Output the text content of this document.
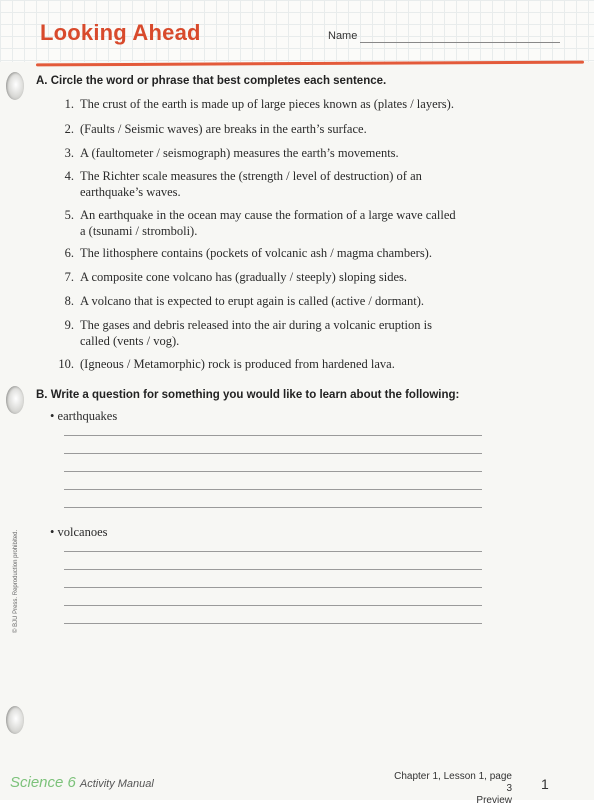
Looking Ahead	Name
A. Circle the word or phrase that best completes each sentence.
1. The crust of the earth is made up of large pieces known as (plates / layers).
2. (Faults / Seismic waves) are breaks in the earth’s surface.
3. A (faultometer / seismograph) measures the earth’s movements.
4. The Richter scale measures the (strength / level of destruction) of an
earthquake’s waves.
5. An earthquake in the ocean may cause the formation of a large wave called
a (tsunami / stromboli).
6. The lithosphere contains (pockets of volcanic ash / magma chambers).
7. A composite cone volcano has (gradually / steeply) sloping sides.
8. A volcano that is expected to erupt again is called (active / dormant).
9. The gases and debris released into the air during a volcanic eruption is
called (vents / vog).
10. (Igneous / Metamorphic) rock is produced from hardened lava.
B. Write a question for something you would like to learn about the following:
• earthquakes
• volcanoes
© BJU Press. Reproduction prohibited.
Science 6 Activity Manual
Chapter 1, Lesson 1, page 3
Preview
1
